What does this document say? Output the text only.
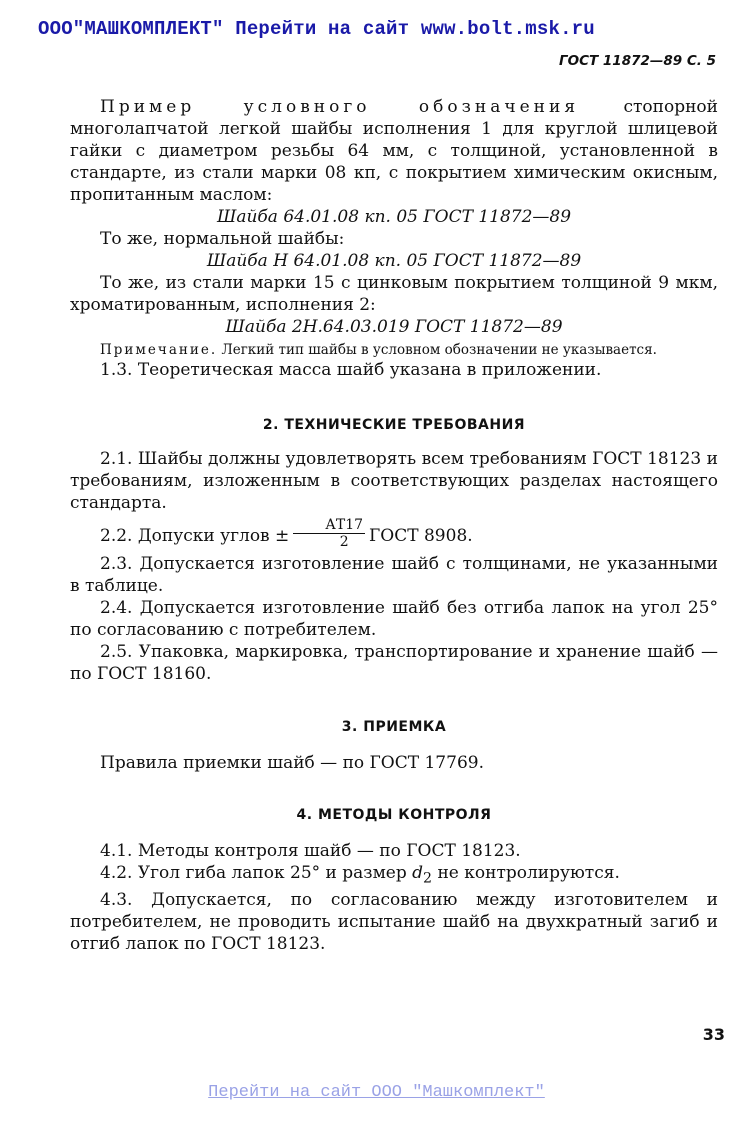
ООО"МАШКОМПЛЕКТ" Перейти на сайт www.bolt.msk.ru
ГОСТ 11872—89 С. 5

Пример условного обозначения стопорной многолапчатой легкой шайбы исполнения 1 для круглой шлицевой гайки с диаметром резьбы 64 мм, с толщиной, установленной в стандарте, из стали марки 08 кп, с покрытием химическим окисным, пропитанным маслом:

Шайба 64.01.08 кп. 05 ГОСТ 11872—89

То же, нормальной шайбы:

Шайба Н 64.01.08 кп. 05 ГОСТ 11872—89

То же, из стали марки 15 с цинковым покрытием толщиной 9 мкм, хроматированным, исполнения 2:

Шайба 2Н.64.03.019 ГОСТ 11872—89

Примечание. Легкий тип шайбы в условном обозначении не указывается.

1.3. Теоретическая масса шайб указана в приложении.

2. ТЕХНИЧЕСКИЕ ТРЕБОВАНИЯ

2.1. Шайбы должны удовлетворять всем требованиям ГОСТ 18123 и требованиям, изложенным в соответствующих разделах настоящего стандарта.

2.2. Допуски углов ± $\frac{АТ17}{2}$ ГОСТ 8908.

2.3. Допускается изготовление шайб с толщинами, не указанными в таблице.

2.4. Допускается изготовление шайб без отгиба лапок на угол 25° по согласованию с потребителем.

2.5. Упаковка, маркировка, транспортирование и хранение шайб — по ГОСТ 18160.

3. ПРИЕМКА

Правила приемки шайб — по ГОСТ 17769.

4. МЕТОДЫ КОНТРОЛЯ

4.1. Методы контроля шайб — по ГОСТ 18123.

4.2. Угол гиба лапок 25° и размер $d_2$ не контролируются.

4.3. Допускается, по согласованию между изготовителем и потребителем, не проводить испытание шайб на двухкратный загиб и отгиб лапок по ГОСТ 18123.

33
Перейти на сайт ООО "Машкомплект"
